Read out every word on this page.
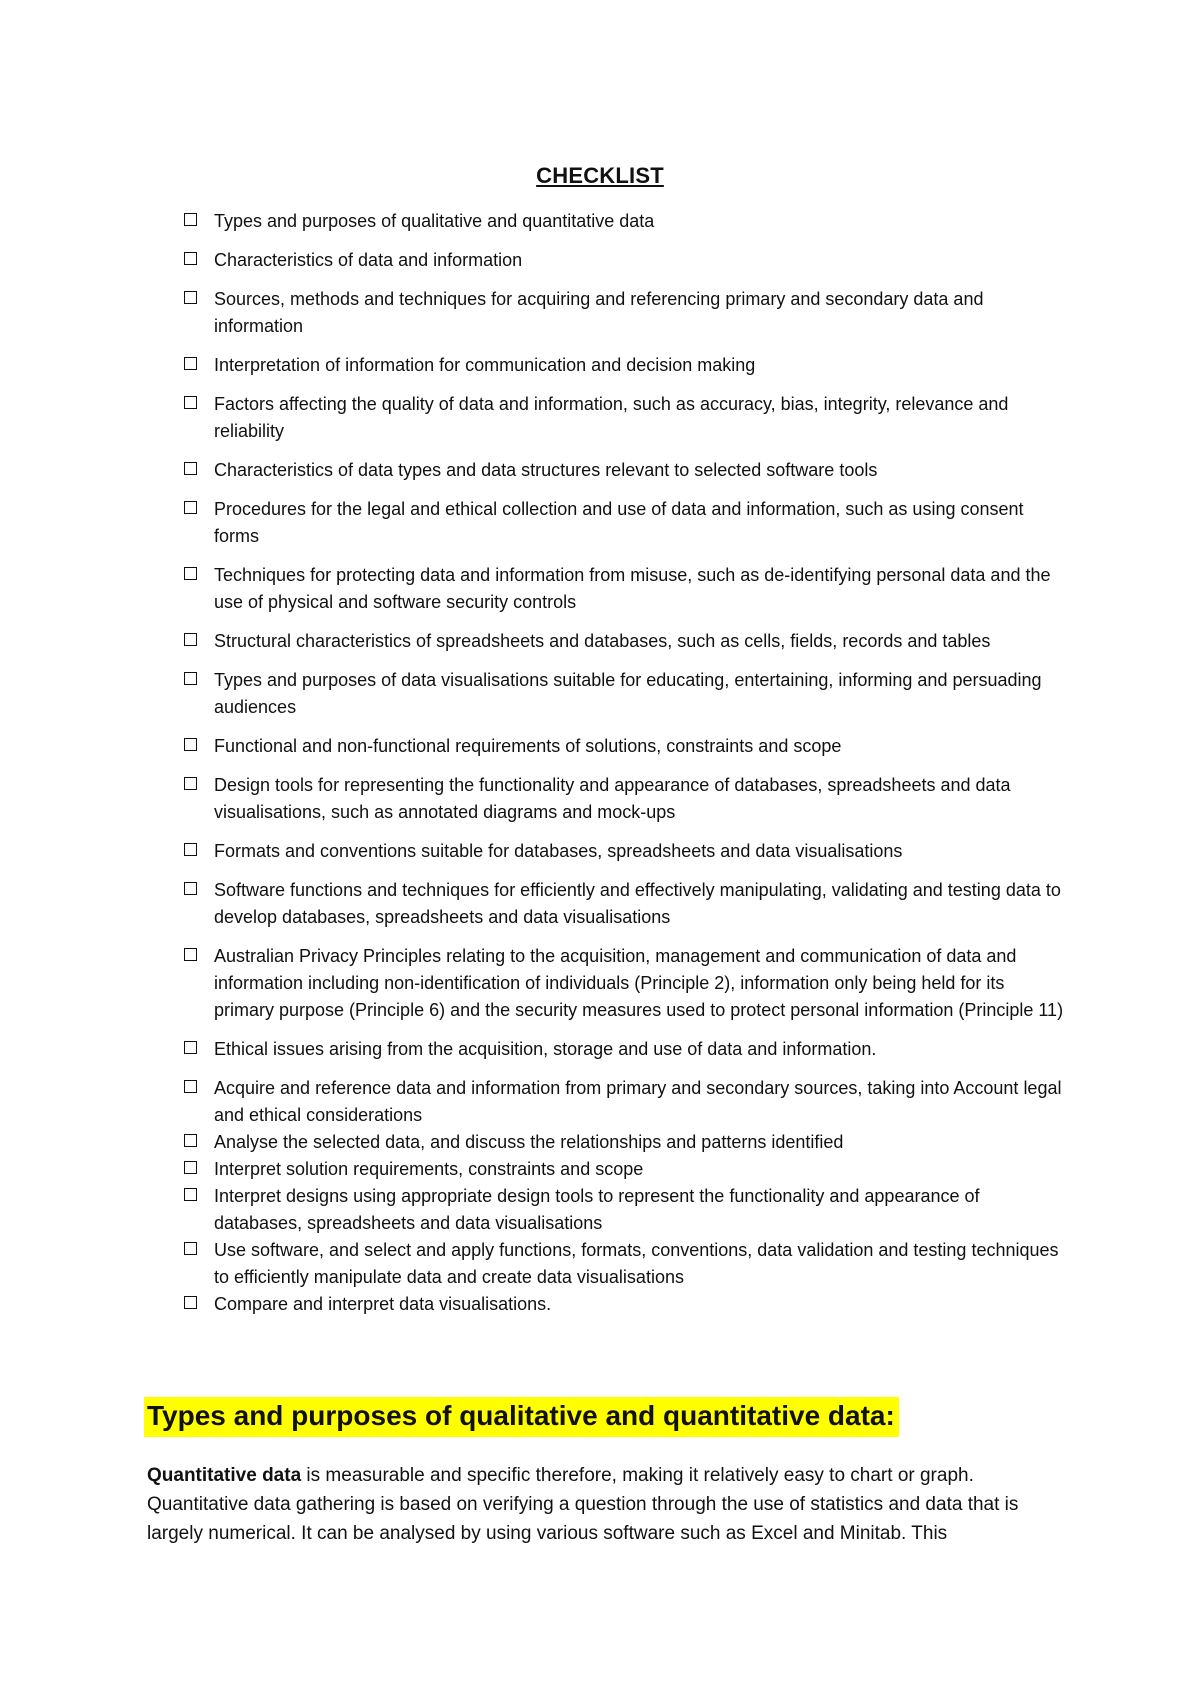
CHECKLIST
Types and purposes of qualitative and quantitative data
Characteristics of data and information
Sources, methods and techniques for acquiring and referencing primary and secondary data and information
Interpretation of information for communication and decision making
Factors affecting the quality of data and information, such as accuracy, bias, integrity, relevance and reliability
Characteristics of data types and data structures relevant to selected software tools
Procedures for the legal and ethical collection and use of data and information, such as using consent forms
Techniques for protecting data and information from misuse, such as de-identifying personal data and the use of physical and software security controls
Structural characteristics of spreadsheets and databases, such as cells, fields, records and tables
Types and purposes of data visualisations suitable for educating, entertaining, informing and persuading audiences
Functional and non-functional requirements of solutions, constraints and scope
Design tools for representing the functionality and appearance of databases, spreadsheets and data visualisations, such as annotated diagrams and mock-ups
Formats and conventions suitable for databases, spreadsheets and data visualisations
Software functions and techniques for efficiently and effectively manipulating, validating and testing data to develop databases, spreadsheets and data visualisations
Australian Privacy Principles relating to the acquisition, management and communication of data and information including non-identification of individuals (Principle 2), information only being held for its primary purpose (Principle 6) and the security measures used to protect personal information (Principle 11)
Ethical issues arising from the acquisition, storage and use of data and information.
Acquire and reference data and information from primary and secondary sources, taking into Account legal and ethical considerations
Analyse the selected data, and discuss the relationships and patterns identified
Interpret solution requirements, constraints and scope
Interpret designs using appropriate design tools to represent the functionality and appearance of databases, spreadsheets and data visualisations
Use software, and select and apply functions, formats, conventions, data validation and testing techniques to efficiently manipulate data and create data visualisations
Compare and interpret data visualisations.
Types and purposes of qualitative and quantitative data:

Quantitative data is measurable and specific therefore, making it relatively easy to chart or graph. Quantitative data gathering is based on verifying a question through the use of statistics and data that is largely numerical. It can be analysed by using various software such as Excel and Minitab. This
